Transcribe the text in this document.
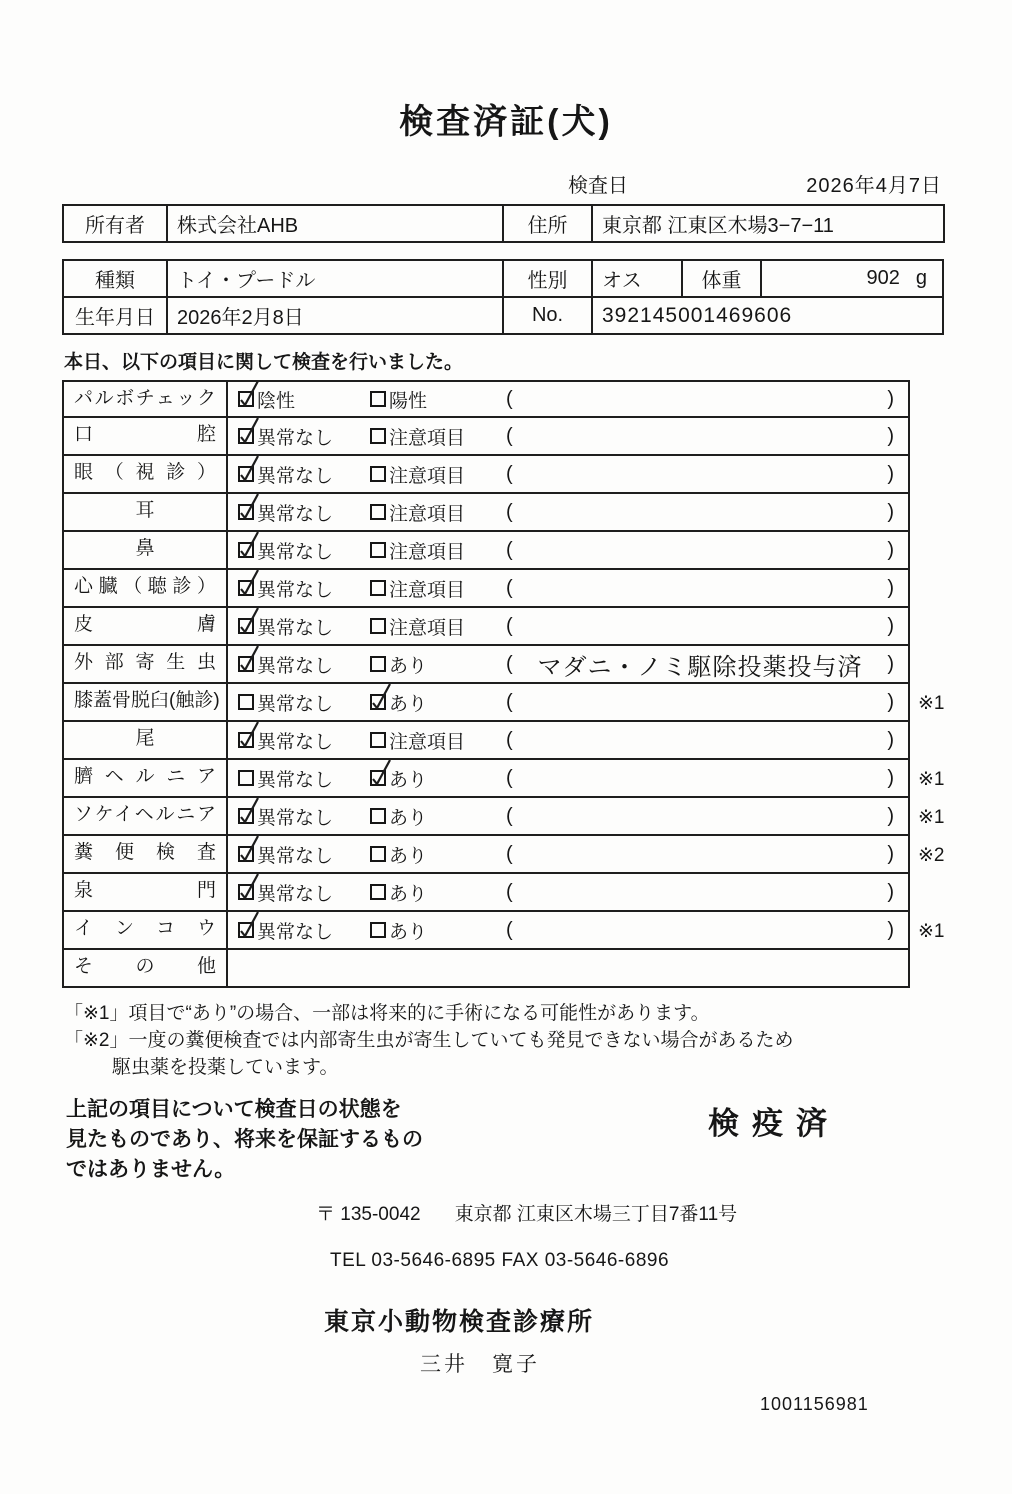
検査済証(犬)
検査日	2026年4月7日
所有者	株式会社AHB	住所	東京都 江東区木場3−7−11
種類	トイ・プードル	性別	オス	体重	902 g

生年月日	2026年2月8日	No.	392145001469606		
本日、以下の項目に関して検査を行いました。
パルボチェック	陰性	陽性	(	)
口腔	異常なし	注意項目 (	)
眼（視診）	異常なし	注意項目 (	)
耳	異常なし	注意項目 (	)
鼻	異常なし	注意項目 (	)
心臓（聴診）	異常なし	注意項目 (	)
皮膚	異常なし	注意項目 (	)
外部寄生虫	異常なし	あり	( マダニ・ノミ駆除投薬投与済 )
膝蓋骨脱臼(触診)	異常なし	あり	(	)	※1
尾	異常なし	注意項目 (	)
臍ヘルニア	異常なし	あり	(	)	※1
ソケイヘルニア	異常なし	あり	(	)	※1
糞便検査	異常なし	あり	(	)	※2
泉門	異常なし	あり	(	)
インコウ	異常なし	あり	(	)	※1
その他
「※1」項目で“あり”の場合、一部は将来的に手術になる可能性があります。
「※2」一度の糞便検査では内部寄生虫が寄生していても発見できない場合があるため
駆虫薬を投薬しています。
上記の項目について検査日の状態を
見たものであり、将来を保証するもの
ではありません。
検疫済
〒 135-0042 東京都 江東区木場三丁目7番11号
TEL 03-5646-6895 FAX 03-5646-6896
東京小動物検査診療所
三井　寛子
1001156981
